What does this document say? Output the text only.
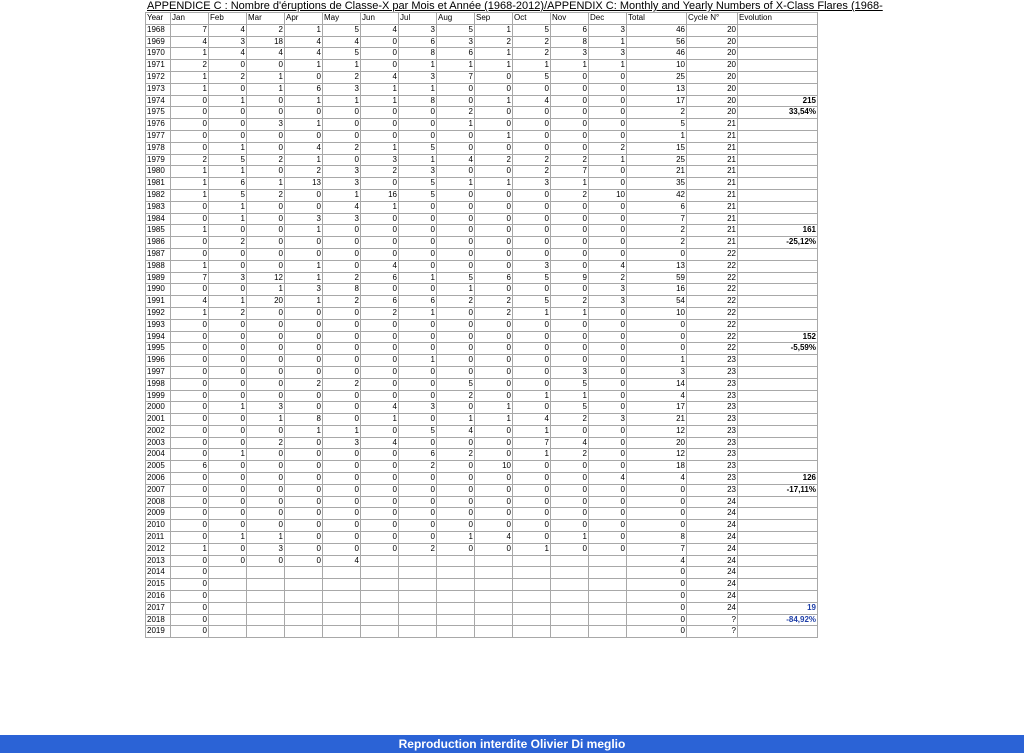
APPENDICE C : Nombre d'éruptions de Classe-X par Mois et Année (1968-2012)/APPENDIX C: Monthly and Yearly Numbers of X-Class Flares (1968-
Year	Jan	Feb	Mar	Apr	May	Jun	Jul	Aug	Sep	Oct	Nov	Dec	Total	Cycle N°	Evolution
1968	7	4	2	1	5	4	3	5	1	5	6	3	46	20	
1969	4	3	18	4	4	0	6	3	2	2	8	1	56	20	
1970	1	4	4	4	5	0	8	6	1	2	3	3	46	20	
1971	2	0	0	1	1	0	1	1	1	1	1	1	10	20	
1972	1	2	1	0	2	4	3	7	0	5	0	0	25	20	
1973	1	0	1	6	3	1	1	0	0	0	0	0	13	20	
1974	0	1	0	1	1	1	8	0	1	4	0	0	17	20	215
1975	0	0	0	0	0	0	0	2	0	0	0	0	2	20	33,54%
1976	0	0	3	1	0	0	0	1	0	0	0	0	5	21	
1977	0	0	0	0	0	0	0	0	1	0	0	0	1	21	
1978	0	1	0	4	2	1	5	0	0	0	0	2	15	21	
1979	2	5	2	1	0	3	1	4	2	2	2	1	25	21	
1980	1	1	0	2	3	2	3	0	0	2	7	0	21	21	
1981	1	6	1	13	3	0	5	1	1	3	1	0	35	21	
1982	1	5	2	0	1	16	5	0	0	0	2	10	42	21	
1983	0	1	0	0	4	1	0	0	0	0	0	0	6	21	
1984	0	1	0	3	3	0	0	0	0	0	0	0	7	21	
1985	1	0	0	1	0	0	0	0	0	0	0	0	2	21	161
1986	0	2	0	0	0	0	0	0	0	0	0	0	2	21	-25,12%
1987	0	0	0	0	0	0	0	0	0	0	0	0	0	22	
1988	1	0	0	1	0	4	0	0	0	3	0	4	13	22	
1989	7	3	12	1	2	6	1	5	6	5	9	2	59	22	
1990	0	0	1	3	8	0	0	1	0	0	0	3	16	22	
1991	4	1	20	1	2	6	6	2	2	5	2	3	54	22	
1992	1	2	0	0	0	2	1	0	2	1	1	0	10	22	
1993	0	0	0	0	0	0	0	0	0	0	0	0	0	22	
1994	0	0	0	0	0	0	0	0	0	0	0	0	0	22	152
1995	0	0	0	0	0	0	0	0	0	0	0	0	0	22	-5,59%
1996	0	0	0	0	0	0	1	0	0	0	0	0	1	23	
1997	0	0	0	0	0	0	0	0	0	0	3	0	3	23	
1998	0	0	0	2	2	0	0	5	0	0	5	0	14	23	
1999	0	0	0	0	0	0	0	2	0	1	1	0	4	23	
2000	0	1	3	0	0	4	3	0	1	0	5	0	17	23	
2001	0	0	1	8	0	1	0	1	1	4	2	3	21	23	
2002	0	0	0	1	1	0	5	4	0	1	0	0	12	23	
2003	0	0	2	0	3	4	0	0	0	7	4	0	20	23	
2004	0	1	0	0	0	0	6	2	0	1	2	0	12	23	
2005	6	0	0	0	0	0	2	0	10	0	0	0	18	23	
2006	0	0	0	0	0	0	0	0	0	0	0	4	4	23	126
2007	0	0	0	0	0	0	0	0	0	0	0	0	0	23	-17,11%
2008	0	0	0	0	0	0	0	0	0	0	0	0	0	24	
2009	0	0	0	0	0	0	0	0	0	0	0	0	0	24	
2010	0	0	0	0	0	0	0	0	0	0	0	0	0	24	
2011	0	1	1	0	0	0	0	1	4	0	1	0	8	24	
2012	1	0	3	0	0	0	2	0	0	1	0	0	7	24	
2013	0	0	0	0	4								4	24	
2014	0												0	24	
2015	0												0	24	
2016	0												0	24	
2017	0												0	24	19
2018	0												0	?	-84,92%
2019	0												0	?	
Reproduction interdite Olivier Di meglio
